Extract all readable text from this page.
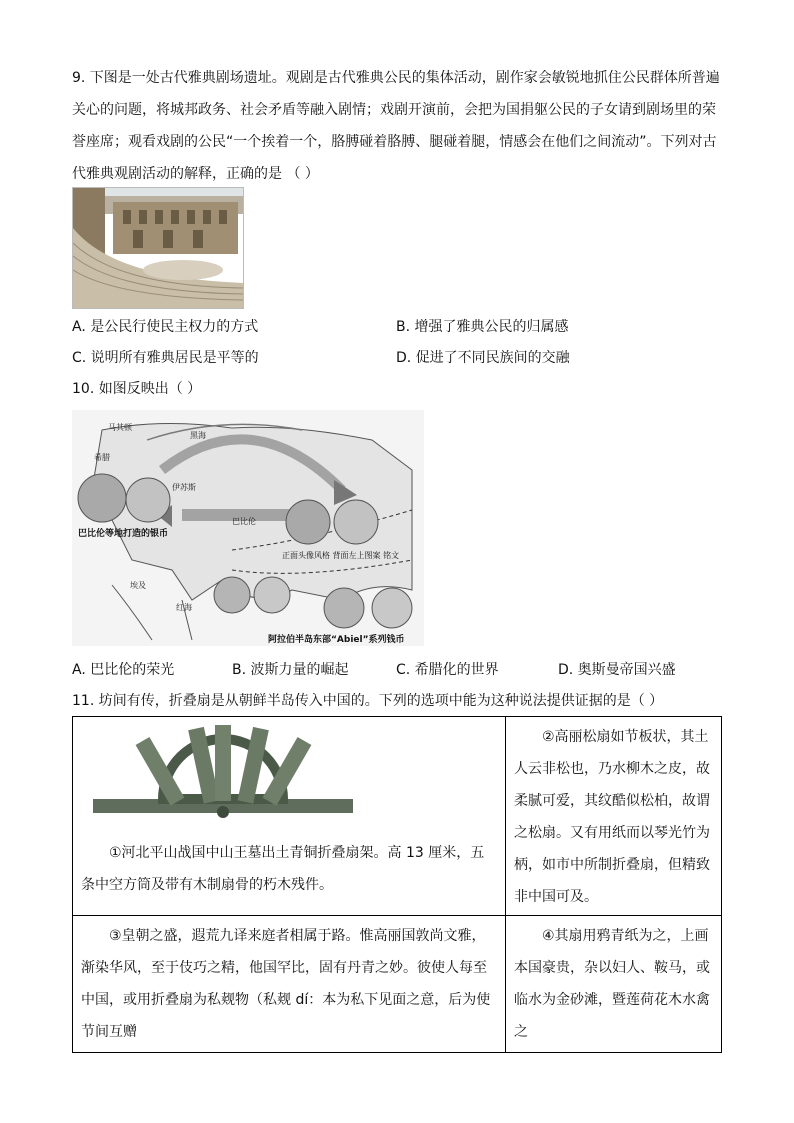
9. 下图是一处古代雅典剧场遗址。观剧是古代雅典公民的集体活动，剧作家会敏锐地抓住公民群体所普遍关心的问题，将城邦政务、社会矛盾等融入剧情；戏剧开演前，会把为国捐躯公民的子女请到剧场里的荣誉座席；观看戏剧的公民“一个挨着一个，胳膊碰着胳膊、腿碰着腿，情感会在他们之间流动”。下列对古代雅典观剧活动的解释，正确的是 （ ）
A. 是公民行使民主权力的方式	B. 增强了雅典公民的归属感
C. 说明所有雅典居民是平等的	D. 促进了不同民族间的交融
10. 如图反映出（ ）
马其顿
希腊
黑海
伊苏斯
巴比伦
埃及
红海
巴比伦等地打造的银币
正面头像风格 背面左上图案 铭文
阿拉伯半岛东部“Abiel”系列钱币
A. 巴比伦的荣光	B. 波斯力量的崛起	C. 希腊化的世界	D. 奥斯曼帝国兴盛
11. 坊间有传，折叠扇是从朝鲜半岛传入中国的。下列的选项中能为这种说法提供证据的是（ ）
①河北平山战国中山王墓出土青铜折叠扇架。高 13 厘米，五条中空方筒及带有木制扇骨的朽木残件。	②高丽松扇如节板状，其土人云非松也，乃水柳木之皮，故柔腻可爱，其纹酷似松柏，故谓之松扇。又有用纸而以琴光竹为柄，如市中所制折叠扇，但精致非中国可及。

③皇朝之盛，遐荒九译来庭者相属于路。惟高丽国敦尚文雅，渐染华风，至于伎巧之精，他国罕比，固有丹青之妙。彼使人每至中国，或用折叠扇为私觌物（私觌 dí：本为私下见面之意，后为使节间互赠	④其扇用鸦青纸为之，上画本国豪贵，杂以妇人、鞍马，或临水为金砂滩，暨莲荷花木水禽之
